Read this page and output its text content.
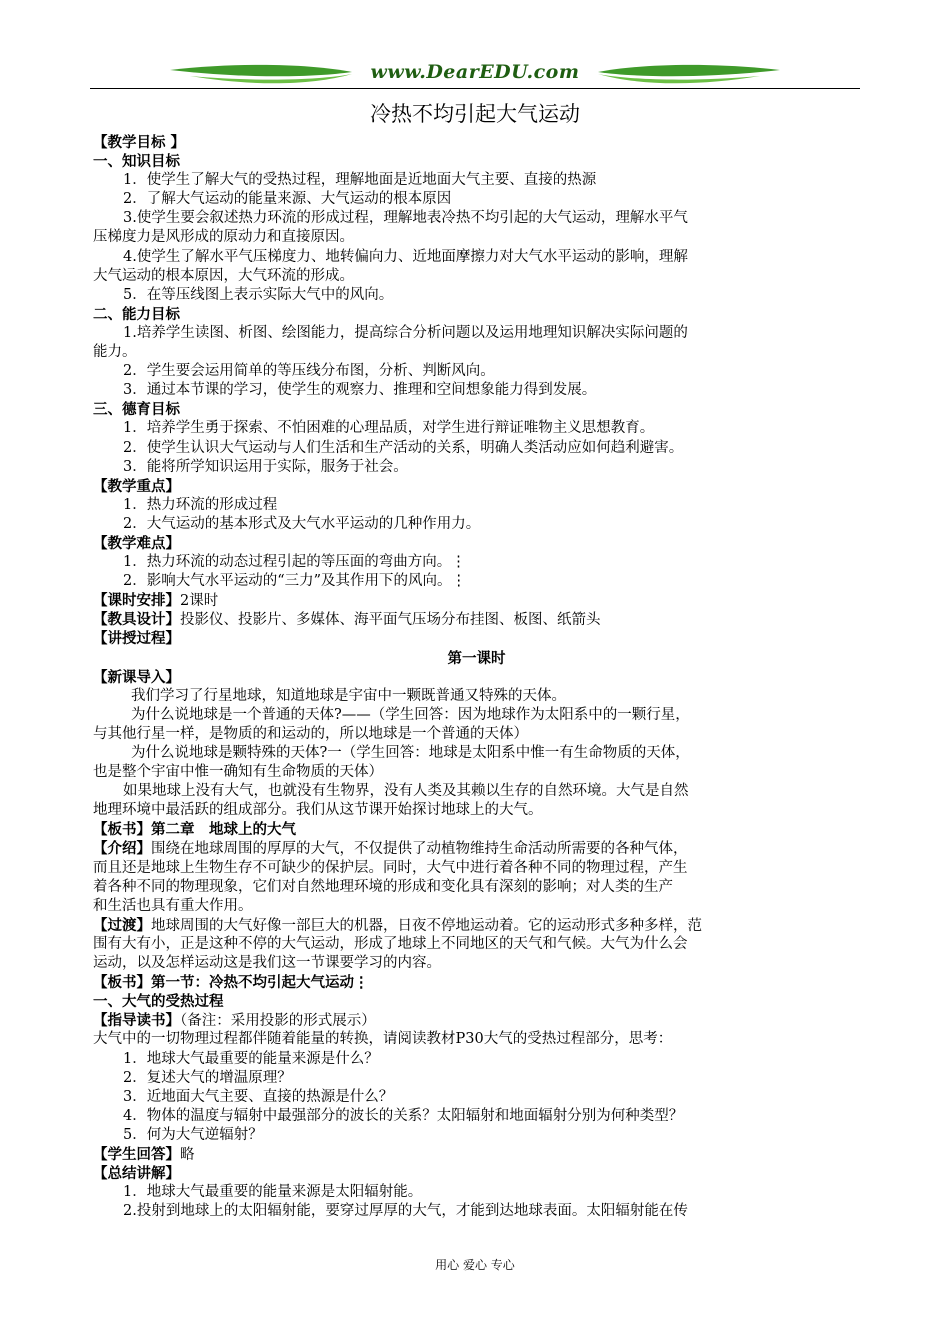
www.DearEDU.com
冷热不均引起大气运动
【教学目标 】
一、知识目标
1．使学生了解大气的受热过程，理解地面是近地面大气主要、直接的热源
2．了解大气运动的能量来源、大气运动的根本原因
3.使学生要会叙述热力环流的形成过程，理解地表冷热不均引起的大气运动，理解水平气
压梯度力是风形成的原动力和直接原因。
4.使学生了解水平气压梯度力、地转偏向力、近地面摩擦力对大气水平运动的影响，理解
大气运动的根本原因，大气环流的形成。
5．在等压线图上表示实际大气中的风向。
二、能力目标
1.培养学生读图、析图、绘图能力，提高综合分析问题以及运用地理知识解决实际问题的
能力。
2．学生要会运用简单的等压线分布图，分析、判断风向。
3．通过本节课的学习，使学生的观察力、推理和空间想象能力得到发展。
三、德育目标
1．培养学生勇于探索、不怕困难的心理品质，对学生进行辩证唯物主义思想教育。
2．使学生认识大气运动与人们生活和生产活动的关系，明确人类活动应如何趋利避害。
3．能将所学知识运用于实际，服务于社会。
【教学重点】
1．热力环流的形成过程
2．大气运动的基本形式及大气水平运动的几种作用力。
【教学难点】
1．热力环流的动态过程引起的等压面的弯曲方向。⋮
2．影响大气水平运动的“三力”及其作用下的风向。⋮
【课时安排】2课时
【教具设计】投影仪、投影片、多媒体、海平面气压场分布挂图、板图、纸箭头
【讲授过程】
第一课时
【新课导入】
我们学习了行星地球，知道地球是宇宙中一颗既普通又特殊的天体。
为什么说地球是一个普通的天体?——（学生回答：因为地球作为太阳系中的一颗行星，
与其他行星一样，是物质的和运动的，所以地球是一个普通的天体）
为什么说地球是颗特殊的天体?一（学生回答：地球是太阳系中惟一有生命物质的天体，
也是整个宇宙中惟一确知有生命物质的天体）
如果地球上没有大气，也就没有生物界，没有人类及其赖以生存的自然环境。大气是自然
地理环境中最活跃的组成部分。我们从这节课开始探讨地球上的大气。
【板书】第二章　地球上的大气
【介绍】围绕在地球周围的厚厚的大气，不仅提供了动植物维持生命活动所需要的各种气体，
而且还是地球上生物生存不可缺少的保护层。同时，大气中进行着各种不同的物理过程，产生
着各种不同的物理现象，它们对自然地理环境的形成和变化具有深刻的影响；对人类的生产
和生活也具有重大作用。
【过渡】地球周围的大气好像一部巨大的机器，日夜不停地运动着。它的运动形式多种多样，范
围有大有小，正是这种不停的大气运动，形成了地球上不同地区的天气和气候。大气为什么会
运动，以及怎样运动这是我们这一节课要学习的内容。
【板书】第一节：冷热不均引起大气运动⋮
一、大气的受热过程
【指导读书】（备注：采用投影的形式展示）
大气中的一切物理过程都伴随着能量的转换，请阅读教材P30大气的受热过程部分，思考：
1．地球大气最重要的能量来源是什么？
2．复述大气的增温原理？
3．近地面大气主要、直接的热源是什么？
4．物体的温度与辐射中最强部分的波长的关系？太阳辐射和地面辐射分别为何种类型？
5．何为大气逆辐射？
【学生回答】略
【总结讲解】
1．地球大气最重要的能量来源是太阳辐射能。
2.投射到地球上的太阳辐射能，要穿过厚厚的大气，才能到达地球表面。太阳辐射能在传
用心 爱心 专心
